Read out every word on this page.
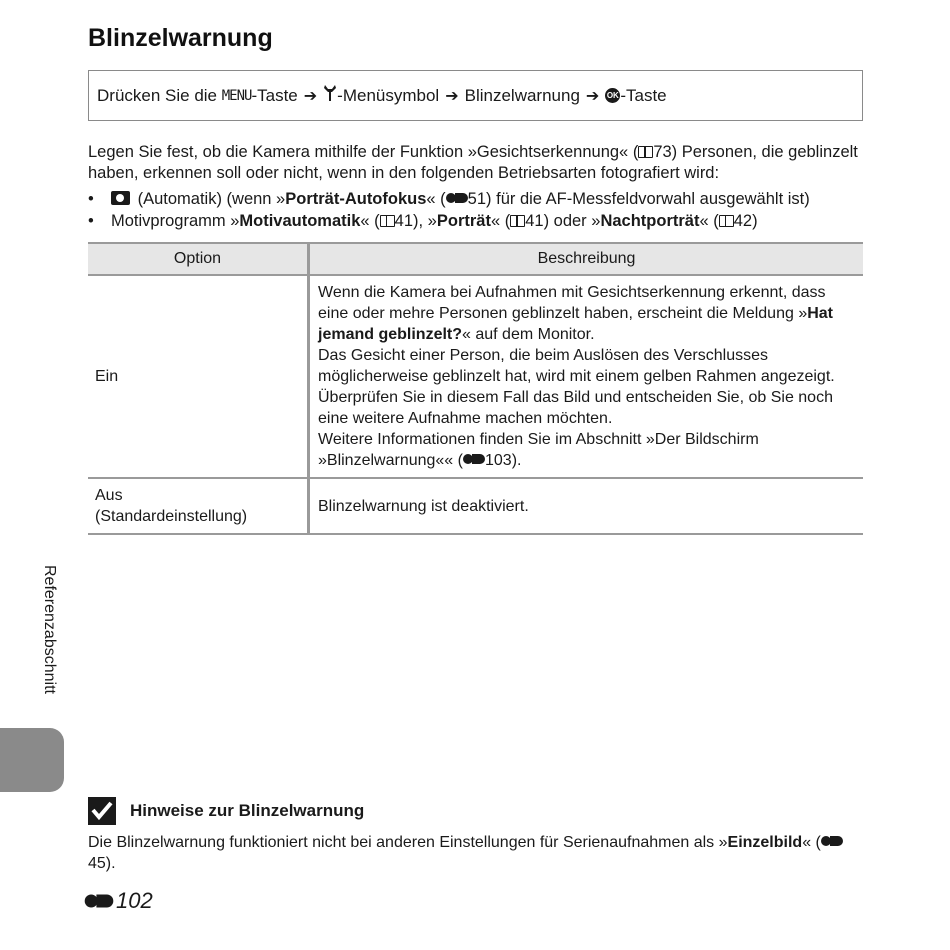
Blinzelwarnung
Drücken Sie die
MENU -Taste ➔ -Menüsymbol ➔ Blinzelwarnung ➔ OK -Taste
Legen Sie fest, ob die Kamera mithilfe der Funktion »Gesichtserkennung« ( 73) Personen, die geblinzelt haben, erkennen soll oder nicht, wenn in den folgenden Betriebsarten fotografiert wird:
•	(Automatik) (wenn »Porträt-Autofokus« ( 51) für die AF-Messfeldvorwahl ausgewählt ist)
• Motivprogramm »Motivautomatik« ( 41), »Porträt« ( 41) oder »Nachtporträt« ( 42)
Option	Beschreibung
Ein	Wenn die Kamera bei Aufnahmen mit Gesichtserkennung erkennt, dass eine oder mehre Personen geblinzelt haben, erscheint die Meldung »Hat jemand geblinzelt?« auf dem Monitor.
Das Gesicht einer Person, die beim Auslösen des Verschlusses möglicherweise geblinzelt hat, wird mit einem gelben Rahmen angezeigt. Überprüfen Sie in diesem Fall das Bild und entscheiden Sie, ob Sie noch eine weitere Aufnahme machen möchten.
Weitere Informationen finden Sie im Abschnitt »Der Bildschirm »Blinzelwarnung«« ( 103).
Aus
(Standardeinstellung)	Blinzelwarnung ist deaktiviert.
Referenzabschnitt
Hinweise zur Blinzelwarnung
Die Blinzelwarnung funktioniert nicht bei anderen Einstellungen für Serienaufnahmen als »Einzelbild« (45).
102
